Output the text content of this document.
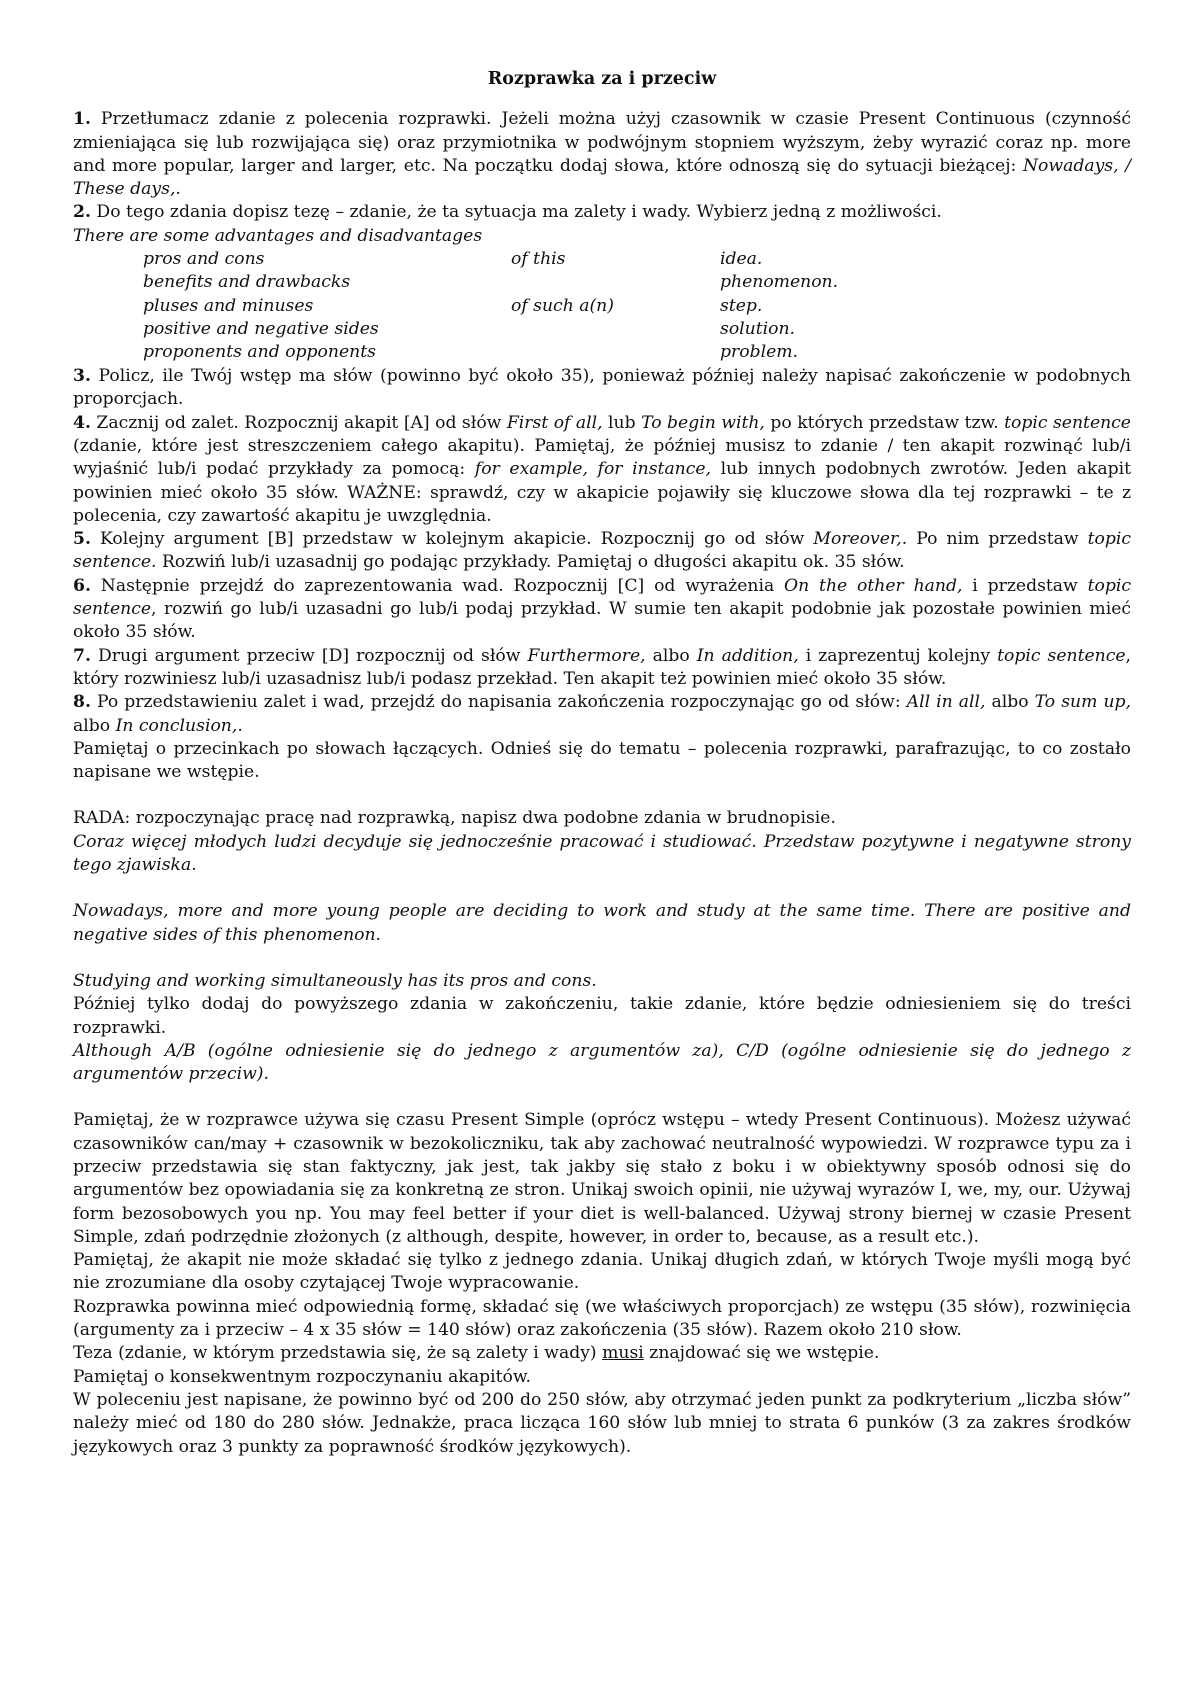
Rozprawka za i przeciw

1. Przetłumacz zdanie z polecenia rozprawki. Jeżeli można użyj czasownik w czasie Present Continuous (czynność zmieniająca się lub rozwijająca się) oraz przymiotnika w podwójnym stopniem wyższym, żeby wyrazić coraz np. more and more popular, larger and larger, etc. Na początku dodaj słowa, które odnoszą się do sytuacji bieżącej: Nowadays, / These days,.

2. Do tego zdania dopisz tezę – zdanie, że ta sytuacja ma zalety i wady. Wybierz jedną z możliwości.

There are some advantages and disadvantages

pros and cons
benefits and drawbacks
pluses and minuses
positive and negative sides
proponents and opponents
of this
of such a(n)
idea.
phenomenon.
step.
solution.
problem.

3. Policz, ile Twój wstęp ma słów (powinno być około 35), ponieważ później należy napisać zakończenie w podobnych proporcjach.

4. Zacznij od zalet. Rozpocznij akapit [A] od słów First of all, lub To begin with, po których przedstaw tzw. topic sentence (zdanie, które jest streszczeniem całego akapitu). Pamiętaj, że później musisz to zdanie / ten akapit rozwinąć lub/i wyjaśnić lub/i podać przykłady za pomocą: for example, for instance, lub innych podobnych zwrotów. Jeden akapit powinien mieć około 35 słów. WAŻNE: sprawdź, czy w akapicie pojawiły się kluczowe słowa dla tej rozprawki – te z polecenia, czy zawartość akapitu je uwzględnia.

5. Kolejny argument [B] przedstaw w kolejnym akapicie. Rozpocznij go od słów Moreover,. Po nim przedstaw topic sentence. Rozwiń lub/i uzasadnij go podając przykłady. Pamiętaj o długości akapitu ok. 35 słów.

6. Następnie przejdź do zaprezentowania wad. Rozpocznij [C] od wyrażenia On the other hand, i przedstaw topic sentence, rozwiń go lub/i uzasadni go lub/i podaj przykład. W sumie ten akapit podobnie jak pozostałe powinien mieć około 35 słów.

7. Drugi argument przeciw [D] rozpocznij od słów Furthermore, albo In addition, i zaprezentuj kolejny topic sentence, który rozwiniesz lub/i uzasadnisz lub/i podasz przekład. Ten akapit też powinien mieć około 35 słów.

8. Po przedstawieniu zalet i wad, przejdź do napisania zakończenia rozpoczynając go od słów: All in all, albo To sum up, albo In conclusion,.

Pamiętaj o przecinkach po słowach łączących. Odnieś się do tematu – polecenia rozprawki, parafrazując, to co zostało napisane we wstępie.

RADA: rozpoczynając pracę nad rozprawką, napisz dwa podobne zdania w brudnopisie.

Coraz więcej młodych ludzi decyduje się jednocześnie pracować i studiować. Przedstaw pozytywne i negatywne strony tego zjawiska.

Nowadays, more and more young people are deciding to work and study at the same time. There are positive and negative sides of this phenomenon.

Studying and working simultaneously has its pros and cons.

Później tylko dodaj do powyższego zdania w zakończeniu, takie zdanie, które będzie odniesieniem się do treści rozprawki.

Although A/B (ogólne odniesienie się do jednego z argumentów za), C/D (ogólne odniesienie się do jednego z argumentów przeciw).

Pamiętaj, że w rozprawce używa się czasu Present Simple (oprócz wstępu – wtedy Present Continuous). Możesz używać czasowników can/may + czasownik w bezokoliczniku, tak aby zachować neutralność wypowiedzi. W rozprawce typu za i przeciw przedstawia się stan faktyczny, jak jest, tak jakby się stało z boku i w obiektywny sposób odnosi się do argumentów bez opowiadania się za konkretną ze stron. Unikaj swoich opinii, nie używaj wyrazów I, we, my, our. Używaj form bezosobowych you np. You may feel better if your diet is well-balanced. Używaj strony biernej w czasie Present Simple, zdań podrzędnie złożonych (z although, despite, however, in order to, because, as a result etc.).

Pamiętaj, że akapit nie może składać się tylko z jednego zdania. Unikaj długich zdań, w których Twoje myśli mogą być nie zrozumiane dla osoby czytającej Twoje wypracowanie.

Rozprawka powinna mieć odpowiednią formę, składać się (we właściwych proporcjach) ze wstępu (35 słów), rozwinięcia (argumenty za i przeciw – 4 x 35 słów = 140 słów) oraz zakończenia (35 słów). Razem około 210 słow.

Teza (zdanie, w którym przedstawia się, że są zalety i wady) musi znajdować się we wstępie.

Pamiętaj o konsekwentnym rozpoczynaniu akapitów.

W poleceniu jest napisane, że powinno być od 200 do 250 słów, aby otrzymać jeden punkt za podkryterium „liczba słów” należy mieć od 180 do 280 słów. Jednakże, praca licząca 160 słów lub mniej to strata 6 punków (3 za zakres środków językowych oraz 3 punkty za poprawność środków językowych).
